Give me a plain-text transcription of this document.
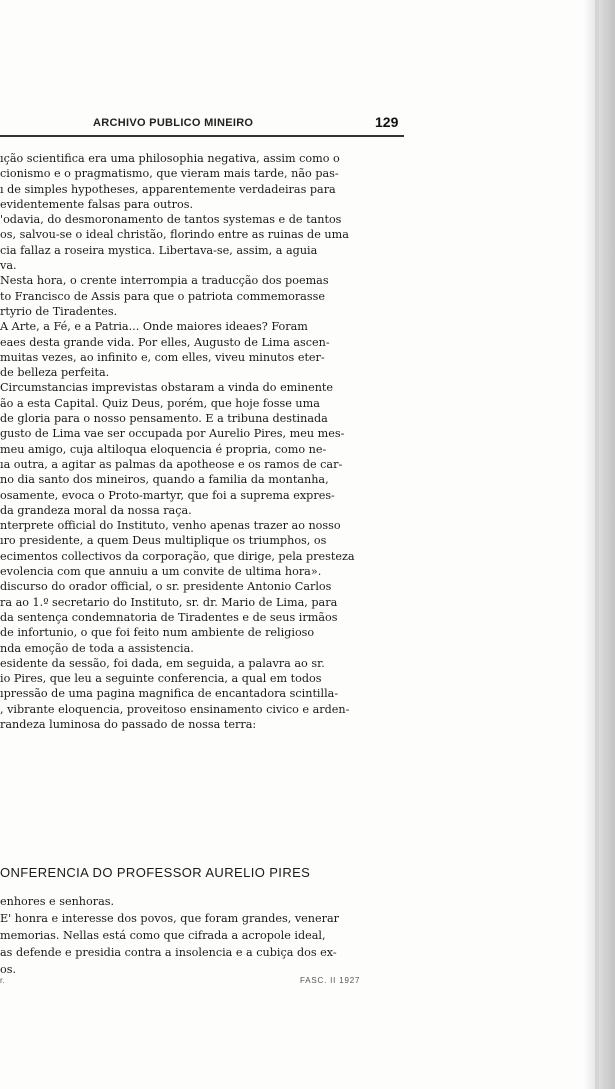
ARCHIVO PUBLICO MINEIRO	129
ıção scientifica era uma philosophia negativa, assim como o
cionismo e o pragmatismo, que vieram mais tarde, não pas-
ı de simples hypotheses, apparentemente verdadeiras para
evidentemente falsas para outros.
'odavia, do desmoronamento de tantos systemas e de tantos
os, salvou-se o ideal christão, florindo entre as ruinas de uma
cia fallaz a roseira mystica. Libertava-se, assim, a aguia
va.
Nesta hora, o crente interrompia a traducção dos poemas
to Francisco de Assis para que o patriota commemorasse
rtyrio de Tiradentes.
A Arte, a Fé, e a Patria... Onde maiores ideaes? Foram
eaes desta grande vida. Por elles, Augusto de Lima ascen-
muitas vezes, ao infinito e, com elles, viveu minutos eter-
de belleza perfeita.
Circumstancias imprevistas obstaram a vinda do eminente
ão a esta Capital. Quiz Deus, porém, que hoje fosse uma
de gloria para o nosso pensamento. E a tribuna destinada
gusto de Lima vae ser occupada por Aurelio Pires, meu mes-
meu amigo, cuja altiloqua eloquencia é propria, como ne-
ıa outra, a agitar as palmas da apotheose e os ramos de car-
no dia santo dos mineiros, quando a familia da montanha,
osamente, evoca o Proto-martyr, que foi a suprema expres-
da grandeza moral da nossa raça.
nterprete official do Instituto, venho apenas trazer ao nosso
ıro presidente, a quem Deus multiplique os triumphos, os
ecimentos collectivos da corporação, que dirige, pela presteza
evolencia com que annuiu a um convite de ultima hora».
discurso do orador official, o sr. presidente Antonio Carlos
ra ao 1.º secretario do Instituto, sr. dr. Mario de Lima, para
da sentença condemnatoria de Tiradentes e de seus irmãos
de infortunio, o que foi feito num ambiente de religioso
nda emoção de toda a assistencia.
esidente da sessão, foi dada, em seguida, a palavra ao sr.
io Pires, que leu a seguinte conferencia, a qual em todos
ıpressão de uma pagina magnifica de encantadora scintilla-
, vibrante eloquencia, proveitoso ensinamento civico e arden-
randeza luminosa do passado de nossa terra:
ONFERENCIA DO PROFESSOR AURELIO PIRES
enhores e senhoras.
E' honra e interesse dos povos, que foram grandes, venerar
memorias. Nellas está como que cifrada a acropole ideal,
as defende e presidia contra a insolencia e a cubiça dos ex-
os.
r.	FASC. II 1927
